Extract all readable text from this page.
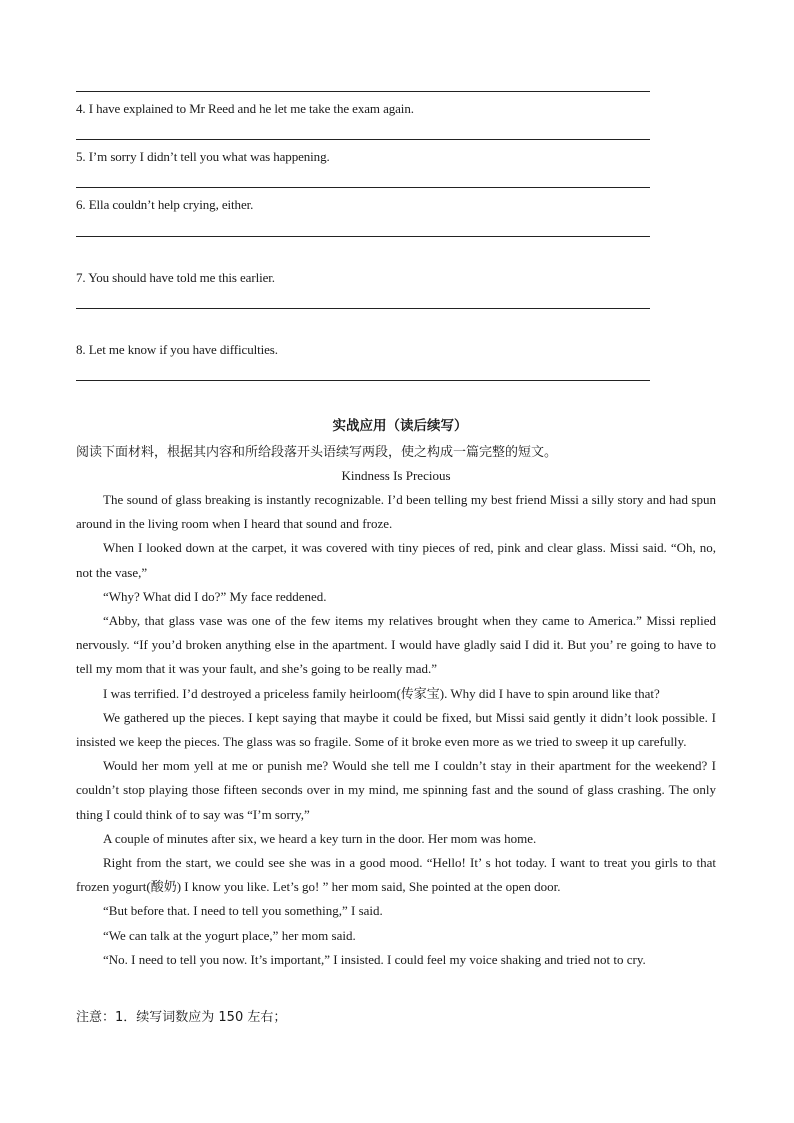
4. I have explained to Mr Reed and he let me take the exam again.
5. I’m sorry I didn’t tell you what was happening.
6. Ella couldn’t help crying, either.
7. You should have told me this earlier.
8. Let me know if you have difficulties.
实战应用（读后续写）
阅读下面材料，根据其内容和所给段落开头语续写两段，使之构成一篇完整的短文。
Kindness Is Precious

The sound of glass breaking is instantly recognizable. I’d been telling my best friend Missi a silly story and had spun around in the living room when I heard that sound and froze.

When I looked down at the carpet, it was covered with tiny pieces of red, pink and clear glass. Missi said. “Oh, no, not the vase,”

“Why? What did I do?” My face reddened.

“Abby, that glass vase was one of the few items my relatives brought when they came to America.” Missi replied nervously. “If you’d broken anything else in the apartment. I would have gladly said I did it. But you’ re going to have to tell my mom that it was your fault, and she’s going to be really mad.”

I was terrified. I’d destroyed a priceless family heirloom(传家宝). Why did I have to spin around like that?

We gathered up the pieces. I kept saying that maybe it could be fixed, but Missi said gently it didn’t look possible. I insisted we keep the pieces. The glass was so fragile. Some of it broke even more as we tried to sweep it up carefully.

Would her mom yell at me or punish me? Would she tell me I couldn’t stay in their apartment for the weekend? I couldn’t stop playing those fifteen seconds over in my mind, me spinning fast and the sound of glass crashing. The only thing I could think of to say was “I’m sorry,”

A couple of minutes after six, we heard a key turn in the door. Her mom was home.

Right from the start, we could see she was in a good mood. “Hello! It’ s hot today. I want to treat you girls to that frozen yogurt(酸奶) I know you like. Let’s go! ” her mom said, She pointed at the open door.

“But before that. I need to tell you something,” I said.

“We can talk at the yogurt place,” her mom said.

“No. I need to tell you now. It’s important,” I insisted. I could feel my voice shaking and tried not to cry.

注意：1．续写词数应为 150 左右；
